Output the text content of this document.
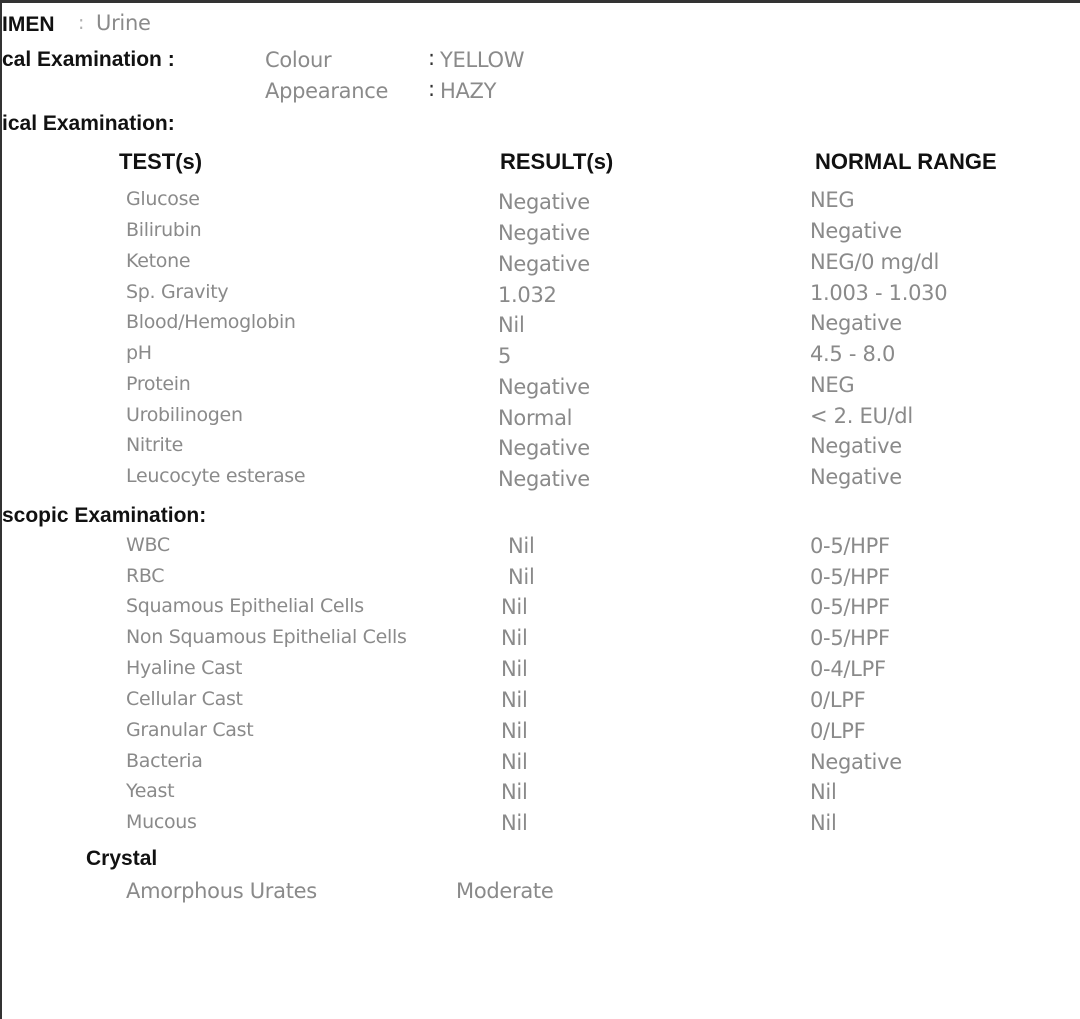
IMEN : Urine
cal Examination :	Colour	: YELLOW
Appearance : HAZY
ical Examination:
TEST(s)	RESULT(s)	NORMAL RANGE
Glucose	Negative	NEG
Bilirubin	Negative	Negative
Ketone	Negative	NEG/0 mg/dl
Sp. Gravity	1.032	1.003 - 1.030
Blood/Hemoglobin	Nil	Negative
pH	5	4.5 - 8.0
Protein	Negative	NEG
Urobilinogen	Normal	< 2. EU/dl
Nitrite	Negative	Negative
Leucocyte esterase	Negative	Negative
scopic Examination:
WBC	Nil	0-5/HPF
RBC	Nil	0-5/HPF
Squamous Epithelial Cells	Nil	0-5/HPF
Non Squamous Epithelial Cells	Nil	0-5/HPF
Hyaline Cast	Nil	0-4/LPF
Cellular Cast	Nil	0/LPF
Granular Cast	Nil	0/LPF
Bacteria	Nil	Negative
Yeast	Nil	Nil
Mucous	Nil	Nil
Crystal
Amorphous Urates	Moderate
